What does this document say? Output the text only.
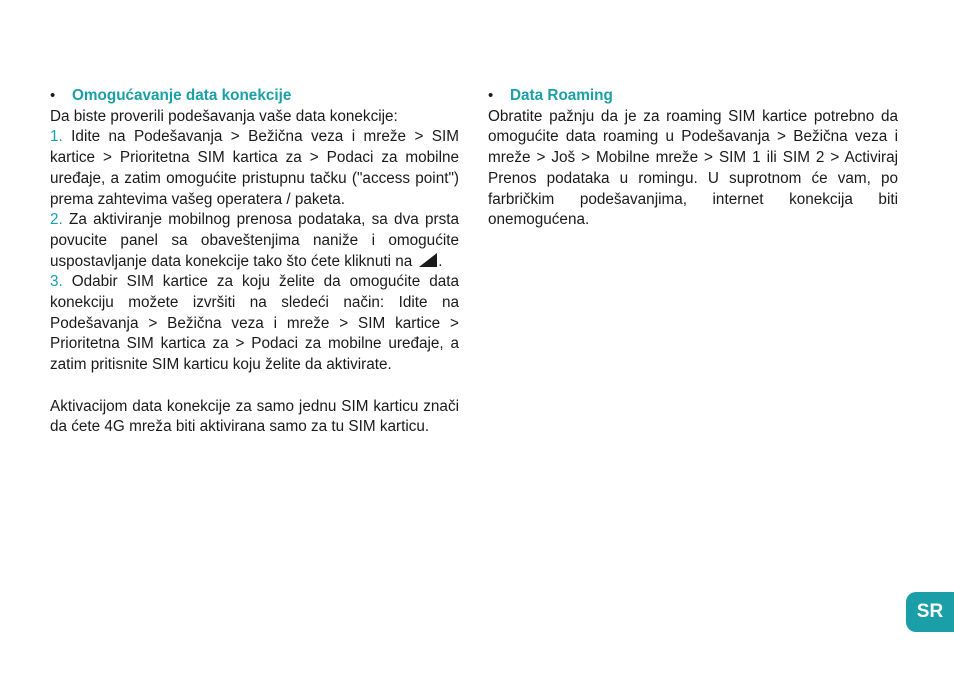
•	Omogućavanje data konekcije

Da biste proverili podešavanja vaše data konekcije:

1. Idite na Podešavanja > Bežična veza i mreže > SIM kartice > Prioritetna SIM kartica za > Podaci za mobilne uređaje, a zatim omogućite pristupnu tačku ("access point") prema zahtevima vašeg operatera / paketa.

2. Za aktiviranje mobilnog prenosa podataka, sa dva prsta povucite panel sa obaveštenjima naniže i omogućite uspostavljanje data konekcije tako što ćete kliknuti na .

3. Odabir SIM kartice za koju želite da omogućite data konekciju možete izvršiti na sledeći način: Idite na Podešavanja > Bežična veza i mreže > SIM kartice > Prioritetna SIM kartica za > Podaci za mobilne uređaje, a zatim pritisnite SIM karticu koju želite da aktivirate.

Aktivacijom data konekcije za samo jednu SIM karticu znači da ćete 4G mreža biti aktivirana samo za tu SIM karticu.

•	Data Roaming

Obratite pažnju da je za roaming SIM kartice potrebno da omogućite data roaming u Podešavanja > Bežična veza i mreže > Još > Mobilne mreže > SIM 1 ili SIM 2 > Activiraj Prenos podataka u romingu. U suprotnom će vam, po farbričkim podešavanjima, internet konekcija biti onemogućena.

SR
